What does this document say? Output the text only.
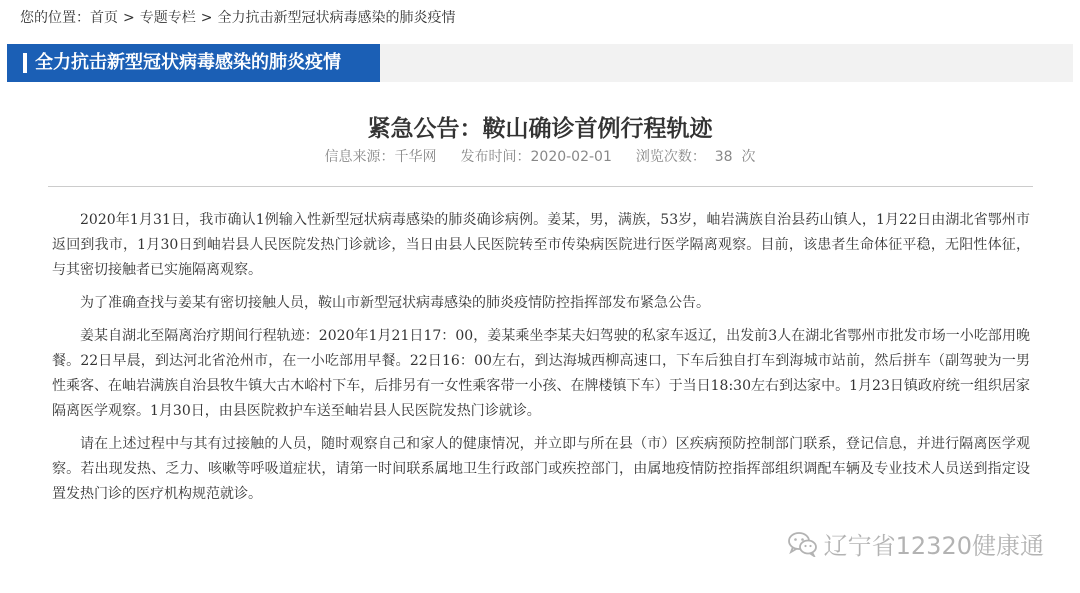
您的位置：首页 > 专题专栏 > 全力抗击新型冠状病毒感染的肺炎疫情
全力抗击新型冠状病毒感染的肺炎疫情
紧急公告：鞍山确诊首例行程轨迹
信息来源：千华网 发布时间：2020-02-01 浏览次数：  38  次

2020年1月31日，我市确认1例输入性新型冠状病毒感染的肺炎确诊病例。姜某，男，满族，53岁，岫岩满族自治县药山镇人，1月22日由湖北省鄂州市返回到我市，1月30日到岫岩县人民医院发热门诊就诊，当日由县人民医院转至市传染病医院进行医学隔离观察。目前，该患者生命体征平稳，无阳性体征，与其密切接触者已实施隔离观察。

为了准确查找与姜某有密切接触人员，鞍山市新型冠状病毒感染的肺炎疫情防控指挥部发布紧急公告。

姜某自湖北至隔离治疗期间行程轨迹：2020年1月21日17：00，姜某乘坐李某夫妇驾驶的私家车返辽，出发前3人在湖北省鄂州市批发市场一小吃部用晚餐。22日早晨，到达河北省沧州市，在一小吃部用早餐。22日16：00左右，到达海城西柳高速口，下车后独自打车到海城市站前，然后拼车（副驾驶为一男性乘客、在岫岩满族自治县牧牛镇大古木峪村下车，后排另有一女性乘客带一小孩、在牌楼镇下车）于当日18:30左右到达家中。1月23日镇政府统一组织居家隔离医学观察。1月30日，由县医院救护车送至岫岩县人民医院发热门诊就诊。

请在上述过程中与其有过接触的人员，随时观察自己和家人的健康情况，并立即与所在县（市）区疾病预防控制部门联系，登记信息，并进行隔离医学观察。若出现发热、乏力、咳嗽等呼吸道症状，请第一时间联系属地卫生行政部门或疾控部门，由属地疫情防控指挥部组织调配车辆及专业技术人员送到指定设置发热门诊的医疗机构规范就诊。

辽宁省12320健康通
